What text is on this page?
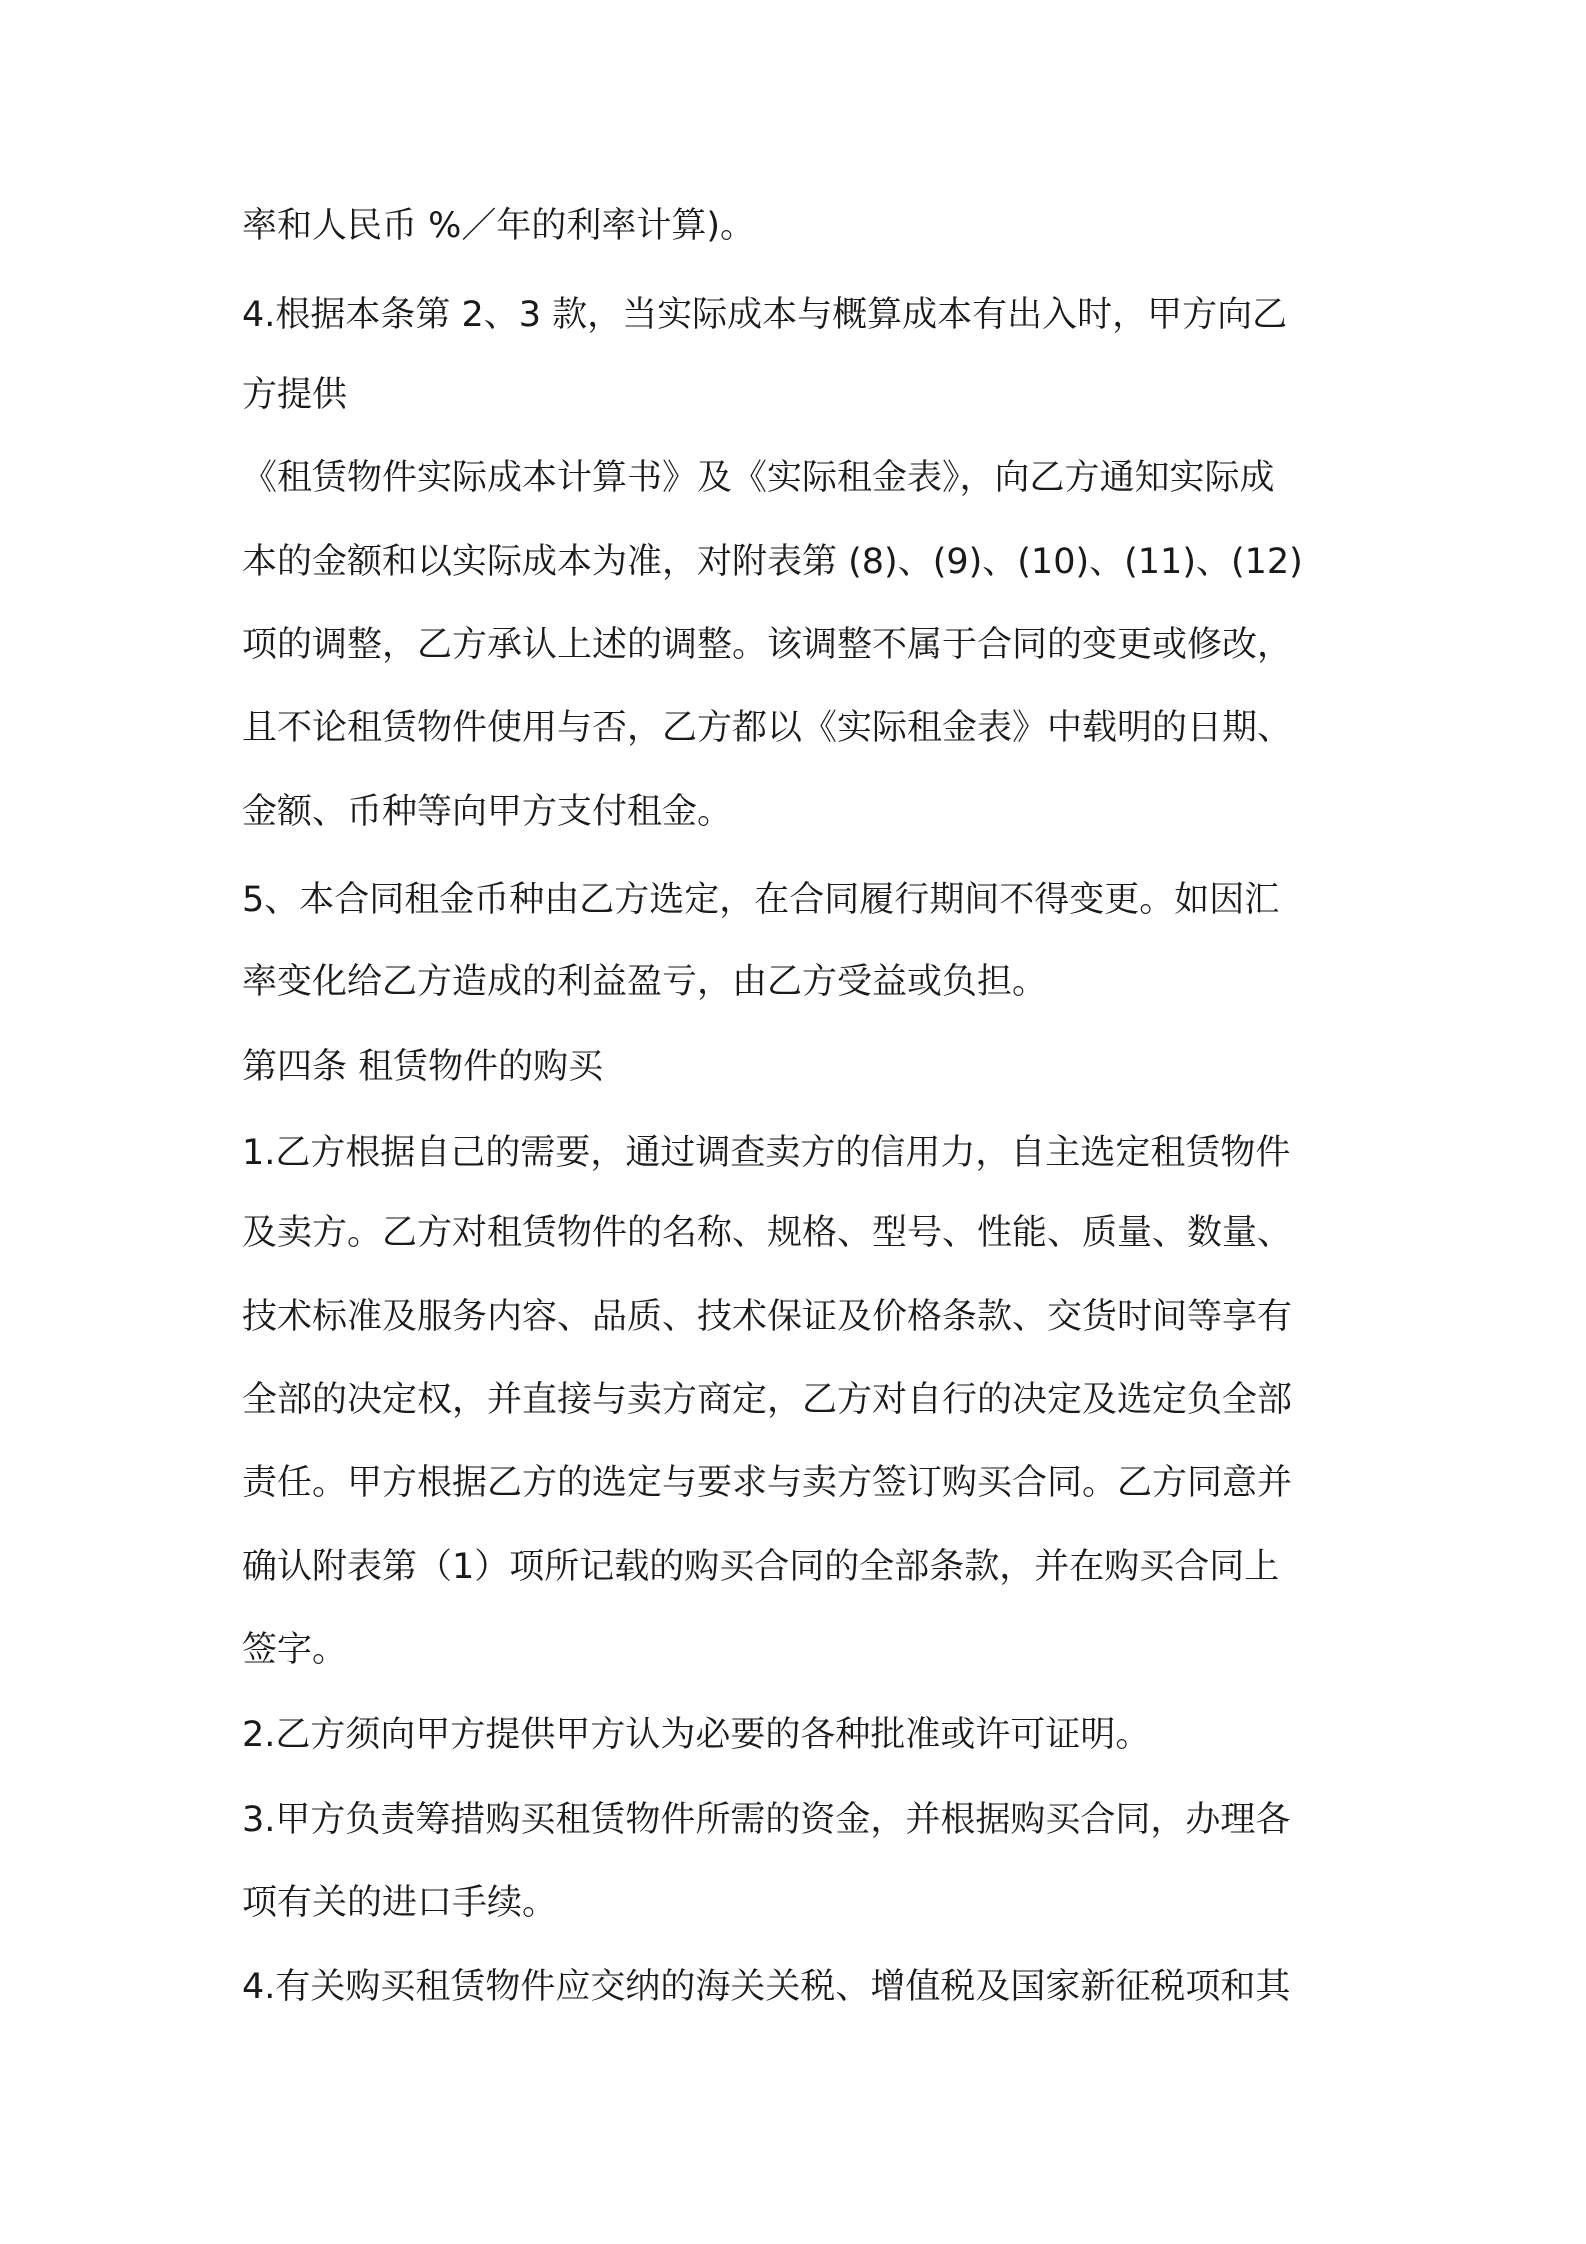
率和人民币 %／年的利率计算)。
4.根据本条第 2、3 款，当实际成本与概算成本有出入时，甲方向乙
方提供
《租赁物件实际成本计算书》及《实际租金表》，向乙方通知实际成
本的金额和以实际成本为准，对附表第 (8)、(9)、(10)、(11)、(12)
项的调整，乙方承认上述的调整。该调整不属于合同的变更或修改，
且不论租赁物件使用与否，乙方都以《实际租金表》中载明的日期、
金额、币种等向甲方支付租金。
5、本合同租金币种由乙方选定，在合同履行期间不得变更。如因汇
率变化给乙方造成的利益盈亏，由乙方受益或负担。
第四条 租赁物件的购买
1.乙方根据自己的需要，通过调查卖方的信用力，自主选定租赁物件
及卖方。乙方对租赁物件的名称、规格、型号、性能、质量、数量、
技术标准及服务内容、品质、技术保证及价格条款、交货时间等享有
全部的决定权，并直接与卖方商定，乙方对自行的决定及选定负全部
责任。甲方根据乙方的选定与要求与卖方签订购买合同。乙方同意并
确认附表第（1）项所记载的购买合同的全部条款，并在购买合同上
签字。
2.乙方须向甲方提供甲方认为必要的各种批准或许可证明。
3.甲方负责筹措购买租赁物件所需的资金，并根据购买合同，办理各
项有关的进口手续。
4.有关购买租赁物件应交纳的海关关税、增值税及国家新征税项和其
